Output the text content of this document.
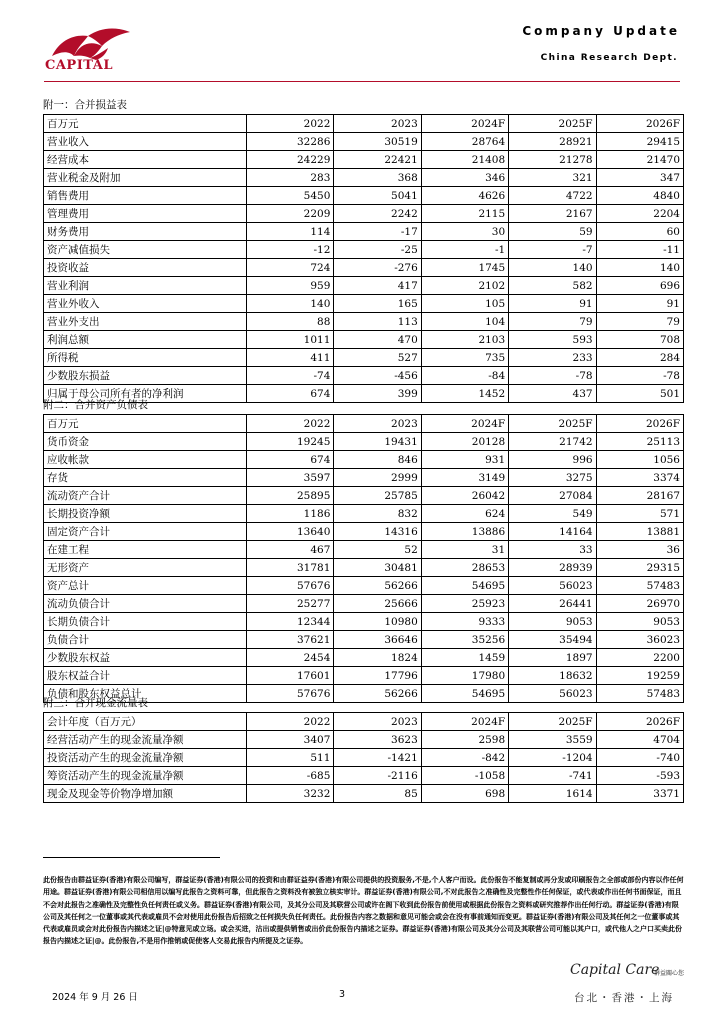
CAPITAL
Company Update
China Research Dept.
附一：合并损益表
百万元	2022	2023	2024F	2025F	2026F
营业收入	32286	30519	28764	28921	29415
经营成本	24229	22421	21408	21278	21470
营业税金及附加	283	368	346	321	347
销售费用	5450	5041	4626	4722	4840
管理费用	2209	2242	2115	2167	2204
财务费用	114	-17	30	59	60
资产减值损失	-12	-25	-1	-7	-11
投资收益	724	-276	1745	140	140
营业利润	959	417	2102	582	696
营业外收入	140	165	105	91	91
营业外支出	88	113	104	79	79
利润总额	1011	470	2103	593	708
所得税	411	527	735	233	284
少数股东损益	-74	-456	-84	-78	-78
归属于母公司所有者的净利润	674	399	1452	437	501
附二：合并资产负债表
百万元	2022	2023	2024F	2025F	2026F
货币资金	19245	19431	20128	21742	25113
应收帐款	674	846	931	996	1056
存货	3597	2999	3149	3275	3374
流动资产合计	25895	25785	26042	27084	28167
长期投资净额	1186	832	624	549	571
固定资产合计	13640	14316	13886	14164	13881
在建工程	467	52	31	33	36
无形资产	31781	30481	28653	28939	29315
资产总计	57676	56266	54695	56023	57483
流动负债合计	25277	25666	25923	26441	26970
长期负债合计	12344	10980	9333	9053	9053
负债合计	37621	36646	35256	35494	36023
少数股东权益	2454	1824	1459	1897	2200
股东权益合计	17601	17796	17980	18632	19259
负债和股东权益总计	57676	56266	54695	56023	57483
附三：合并现金流量表
会计年度（百万元）	2022	2023	2024F	2025F	2026F
经营活动产生的现金流量净额	3407	3623	2598	3559	4704
投资活动产生的现金流量净额	511	-1421	-842	-1204	-740
筹资活动产生的现金流量净额	-685	-2116	-1058	-741	-593
现金及现金等价物净增加额	3232	85	698	1614	3371
此份报告由群益证券(香港)有限公司编写，群益证券(香港)有限公司的投资和由群证益券(香港)有限公司提供的投资服务,不是,个人客户而设。此份报告不能复制或再分发或印刷报告之全部或部份内容以作任何用途。群益证券(香港)有限公司相信用以编写此报告之资料可靠，但此报告之资料没有被独立核实审计。群益证券(香港)有限公司,不对此报告之准确性及完整性作任何保证，或代表或作出任何书面保证，而且不会对此报告之准确性及完整性负任何责任或义务。群益证券(香港)有限公司，及其分公司及其联营公司或许在阁下收到此份报告前使用或根据此份报告之资料或研究推荐作出任何行动。群益证券(香港)有限公司及其任何之一位董事或其代表或雇员不会对使用此份报告后招致之任何损失负任何责任。此份报告内容之数据和意见可能会或会在没有事前通知而变更。群益证券(香港)有限公司及其任何之一位董事或其代表或雇员或会对此份报告内描述之证|@特意见或立场。或会买进，沽出或提供销售或出价此份报告内描述之证券。群益证券(香港)有限公司及其分公司及其联营公司可能以其户口，或代他人之户口买卖此份报告内描述之证|@。此份报告,不是用作推销或促使客人交易此报告内所提及之证券。
Capital Care
群益關心您
2024 年 9 月 26 日	3	台北・香港・上海
